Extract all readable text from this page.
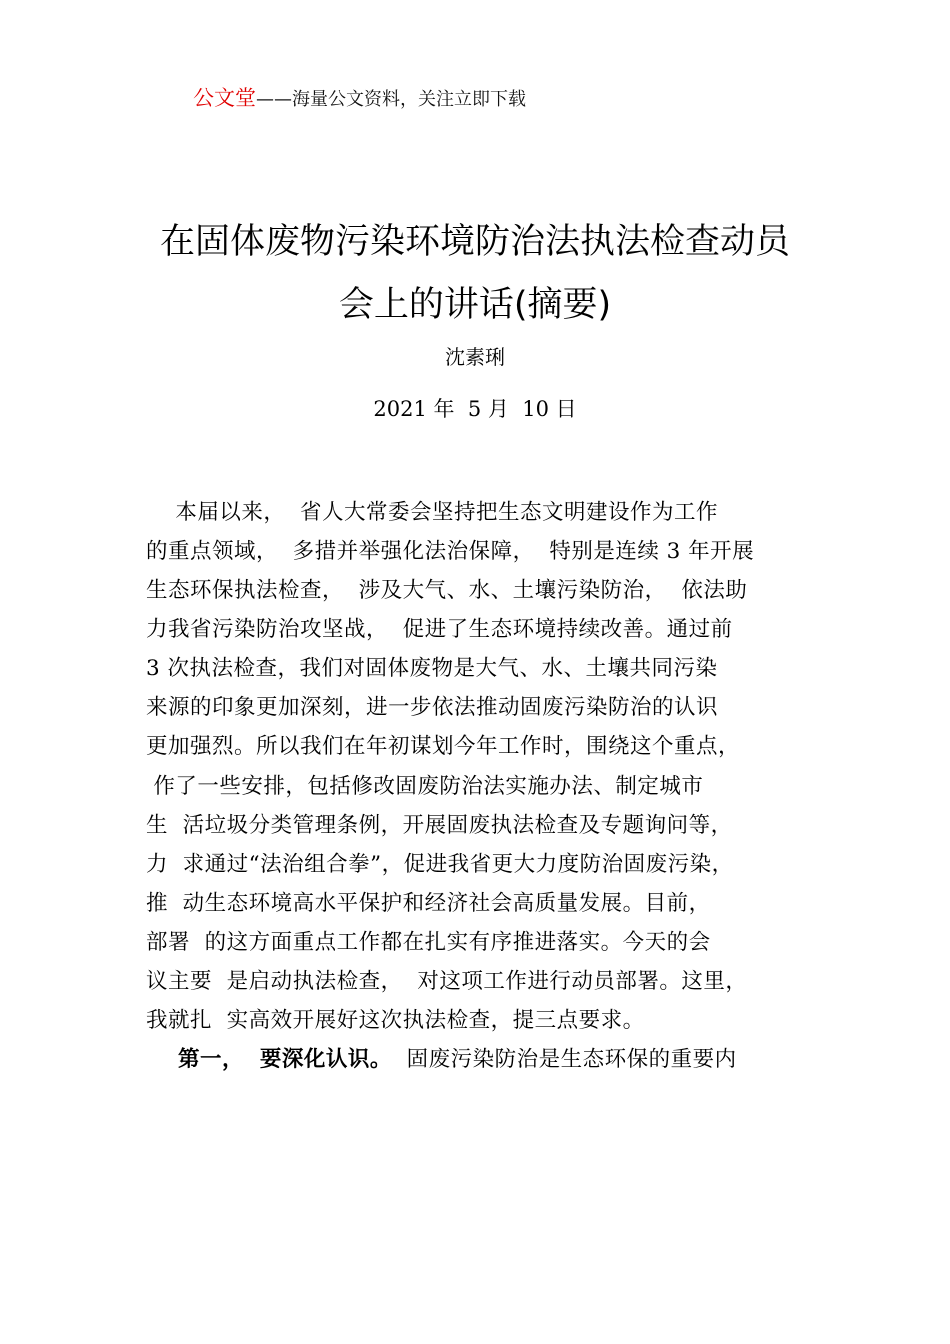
公文堂——海量公文资料，关注立即下载
在固体废物污染环境防治法执法检查动员
会上的讲话(摘要)
沈素琍
2021 年  5 月  10 日
本届以来，  省人大常委会坚持把生态文明建设作为工作
的重点领域，  多措并举强化法治保障，  特别是连续 3 年开展
生态环保执法检查，  涉及大气、水、土壤污染防治，  依法助
力我省污染防治攻坚战，  促进了生态环境持续改善。通过前
3 次执法检查，我们对固体废物是大气、水、土壤共同污染
来源的印象更加深刻，进一步依法推动固废污染防治的认识
更加强烈。所以我们在年初谋划今年工作时，围绕这个重点，
作了一些安排，包括修改固废防治法实施办法、制定城市
生  活垃圾分类管理条例，开展固废执法检查及专题询问等，
力  求通过“法治组合拳”，促进我省更大力度防治固废污染，
推  动生态环境高水平保护和经济社会高质量发展。目前，
部署  的这方面重点工作都在扎实有序推进落实。今天的会
议主要  是启动执法检查，  对这项工作进行动员部署。这里，
我就扎  实高效开展好这次执法检查，提三点要求。
第一，  要深化认识。  固废污染防治是生态环保的重要内
